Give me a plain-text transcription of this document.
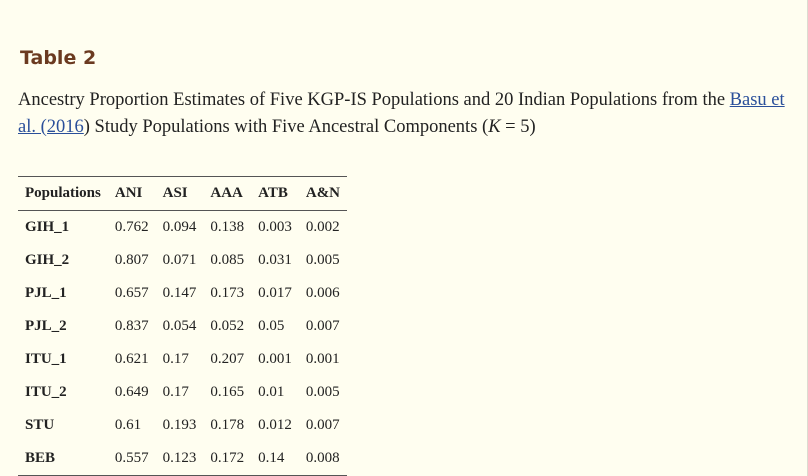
Table 2

Ancestry Proportion Estimates of Five KGP-IS Populations and 20 Indian Populations from the Basu et al. (2016) Study Populations with Five Ancestral Components (K = 5)

Populations	ANI	ASI	AAA	ATB	A&N
GIH_1	0.762	0.094	0.138	0.003	0.002
GIH_2	0.807	0.071	0.085	0.031	0.005
PJL_1	0.657	0.147	0.173	0.017	0.006
PJL_2	0.837	0.054	0.052	0.05	0.007
ITU_1	0.621	0.17	0.207	0.001	0.001
ITU_2	0.649	0.17	0.165	0.01	0.005
STU	0.61	0.193	0.178	0.012	0.007
BEB	0.557	0.123	0.172	0.14	0.008
